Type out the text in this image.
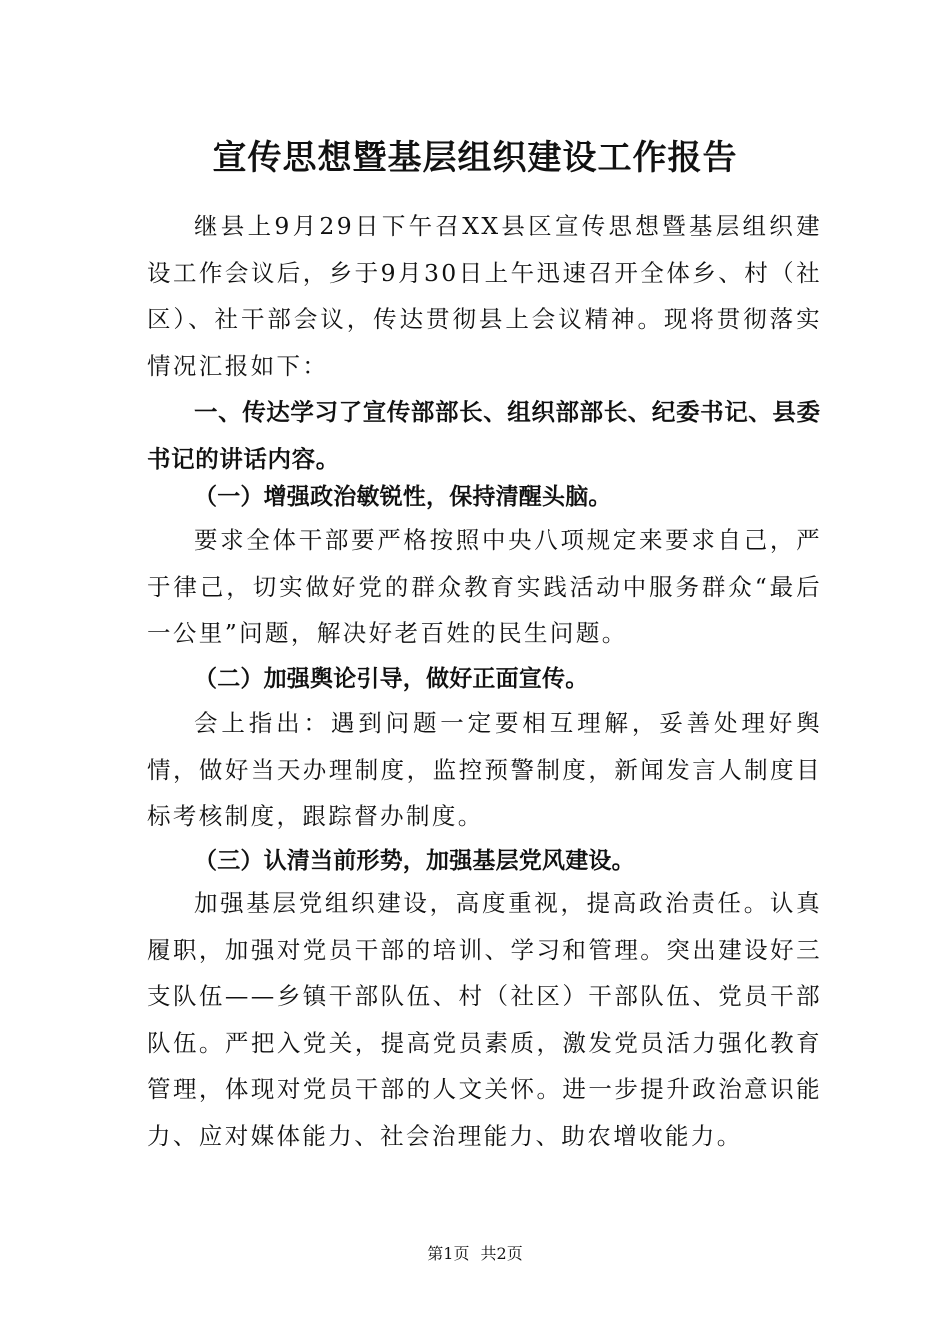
宣传思想暨基层组织建设工作报告

继县上9月29日下午召XX县区宣传思想暨基层组织建设工作会议后，乡于9月30日上午迅速召开全体乡、村（社区）、社干部会议，传达贯彻县上会议精神。现将贯彻落实情况汇报如下：

一、传达学习了宣传部部长、组织部部长、纪委书记、县委书记的讲话内容。

（一）增强政治敏锐性，保持清醒头脑。

要求全体干部要严格按照中央八项规定来要求自己，严于律己，切实做好党的群众教育实践活动中服务群众“最后一公里”问题，解决好老百姓的民生问题。

（二）加强舆论引导，做好正面宣传。

会上指出：遇到问题一定要相互理解，妥善处理好舆情，做好当天办理制度，监控预警制度，新闻发言人制度目标考核制度，跟踪督办制度。

（三）认清当前形势，加强基层党风建设。

加强基层党组织建设，高度重视，提高政治责任。认真履职，加强对党员干部的培训、学习和管理。突出建设好三支队伍——乡镇干部队伍、村（社区）干部队伍、党员干部队伍。严把入党关，提高党员素质，激发党员活力强化教育管理，体现对党员干部的人文关怀。进一步提升政治意识能力、应对媒体能力、社会治理能力、助农增收能力。

第1页 共2页
